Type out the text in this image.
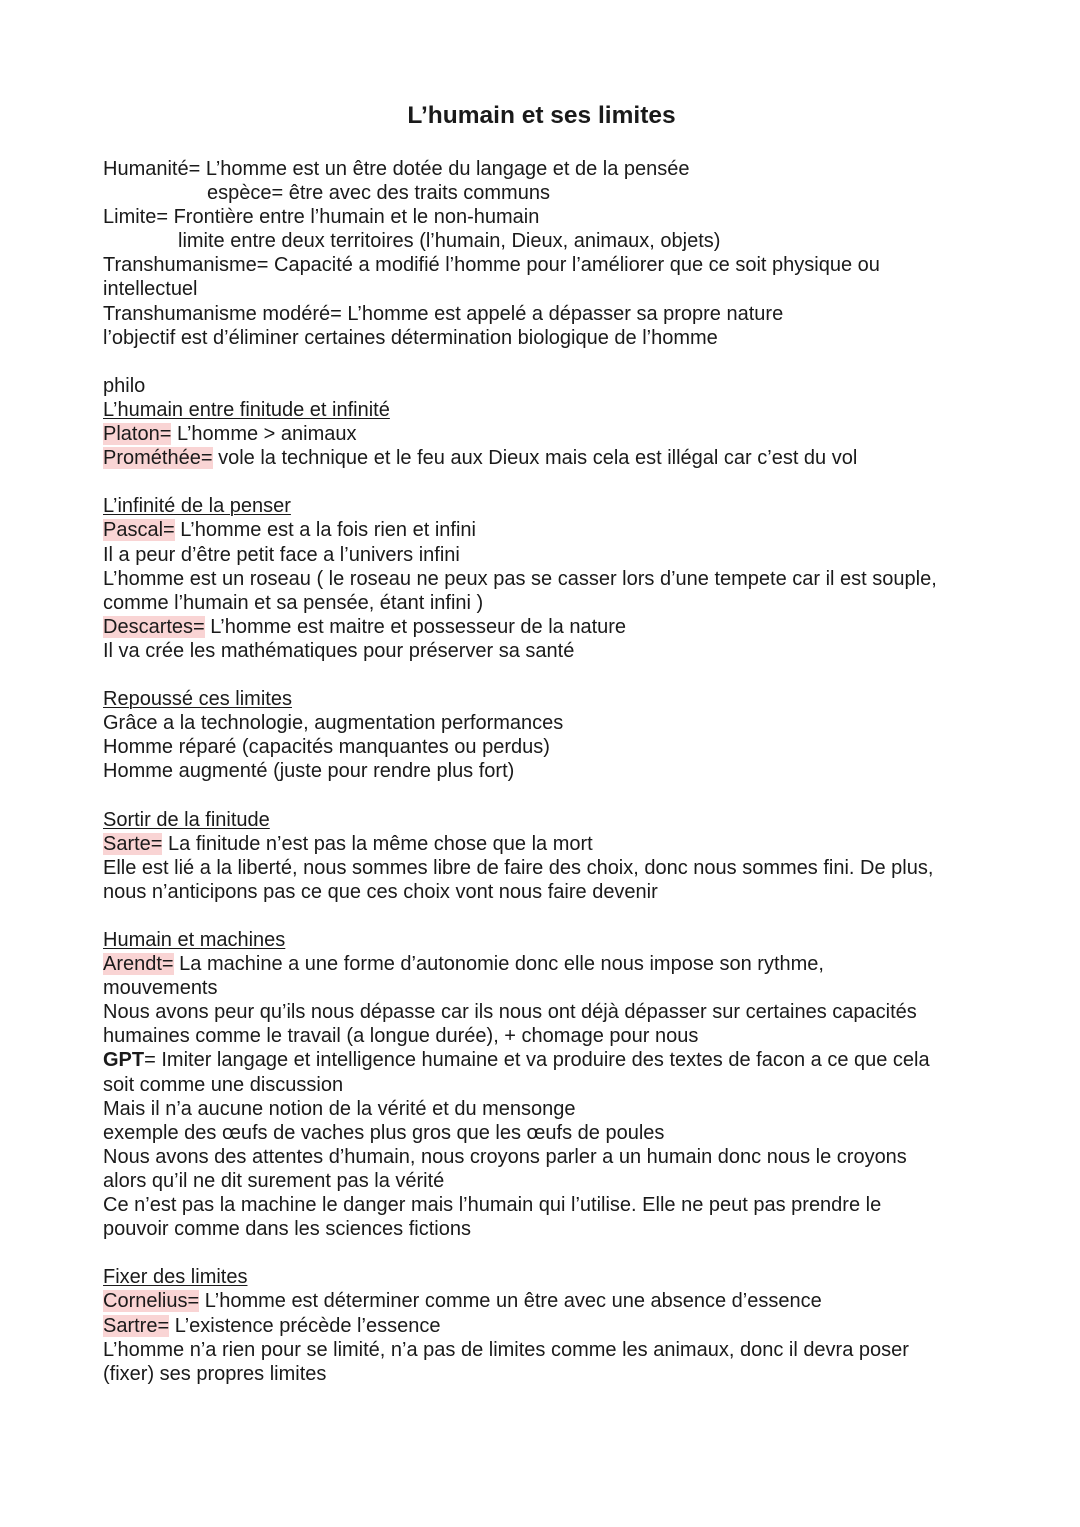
L’humain et ses limites
Humanité= L’homme est un être dotée du langage et de la pensée
espèce= être avec des traits communs
Limite= Frontière entre l’humain et le non-humain
limite entre deux territoires (l’humain, Dieux, animaux, objets)
Transhumanisme= Capacité a modifié l’homme pour l’améliorer que ce soit physique ou
intellectuel
Transhumanisme modéré= L’homme est appelé a dépasser sa propre nature
l’objectif est d’éliminer certaines détermination biologique de l’homme
philo
L’humain entre finitude et infinité
Platon= L’homme > animaux
Prométhée= vole la technique et le feu aux Dieux mais cela est illégal car c’est du vol
L’infinité de la penser
Pascal= L’homme est a la fois rien et infini
Il a peur d’être petit face a l’univers infini
L’homme est un roseau ( le roseau ne peux pas se casser lors d’une tempete car il est souple,
comme l’humain et sa pensée, étant infini )
Descartes= L’homme est maitre et possesseur de la nature
Il va crée les mathématiques pour préserver sa santé
Repoussé ces limites
Grâce a la technologie, augmentation performances
Homme réparé (capacités manquantes ou perdus)
Homme augmenté (juste pour rendre plus fort)
Sortir de la finitude
Sarte= La finitude n’est pas la même chose que la mort
Elle est lié a la liberté, nous sommes libre de faire des choix, donc nous sommes fini. De plus,
nous n’anticipons pas ce que ces choix vont nous faire devenir
Humain et machines
Arendt= La machine a une forme d’autonomie donc elle nous impose son rythme,
mouvements
Nous avons peur qu’ils nous dépasse car ils nous ont déjà dépasser sur certaines capacités
humaines comme le travail (a longue durée), + chomage pour nous
GPT= Imiter langage et intelligence humaine et va produire des textes de facon a ce que cela
soit comme une discussion
Mais il n’a aucune notion de la vérité et du mensonge
exemple des œufs de vaches plus gros que les œufs de poules
Nous avons des attentes d’humain, nous croyons parler a un humain donc nous le croyons
alors qu’il ne dit surement pas la vérité
Ce n’est pas la machine le danger mais l’humain qui l’utilise. Elle ne peut pas prendre le
pouvoir comme dans les sciences fictions
Fixer des limites
Cornelius= L’homme est déterminer comme un être avec une absence d’essence
Sartre= L’existence précède l’essence
L’homme n’a rien pour se limité, n’a pas de limites comme les animaux, donc il devra poser
(fixer) ses propres limites
